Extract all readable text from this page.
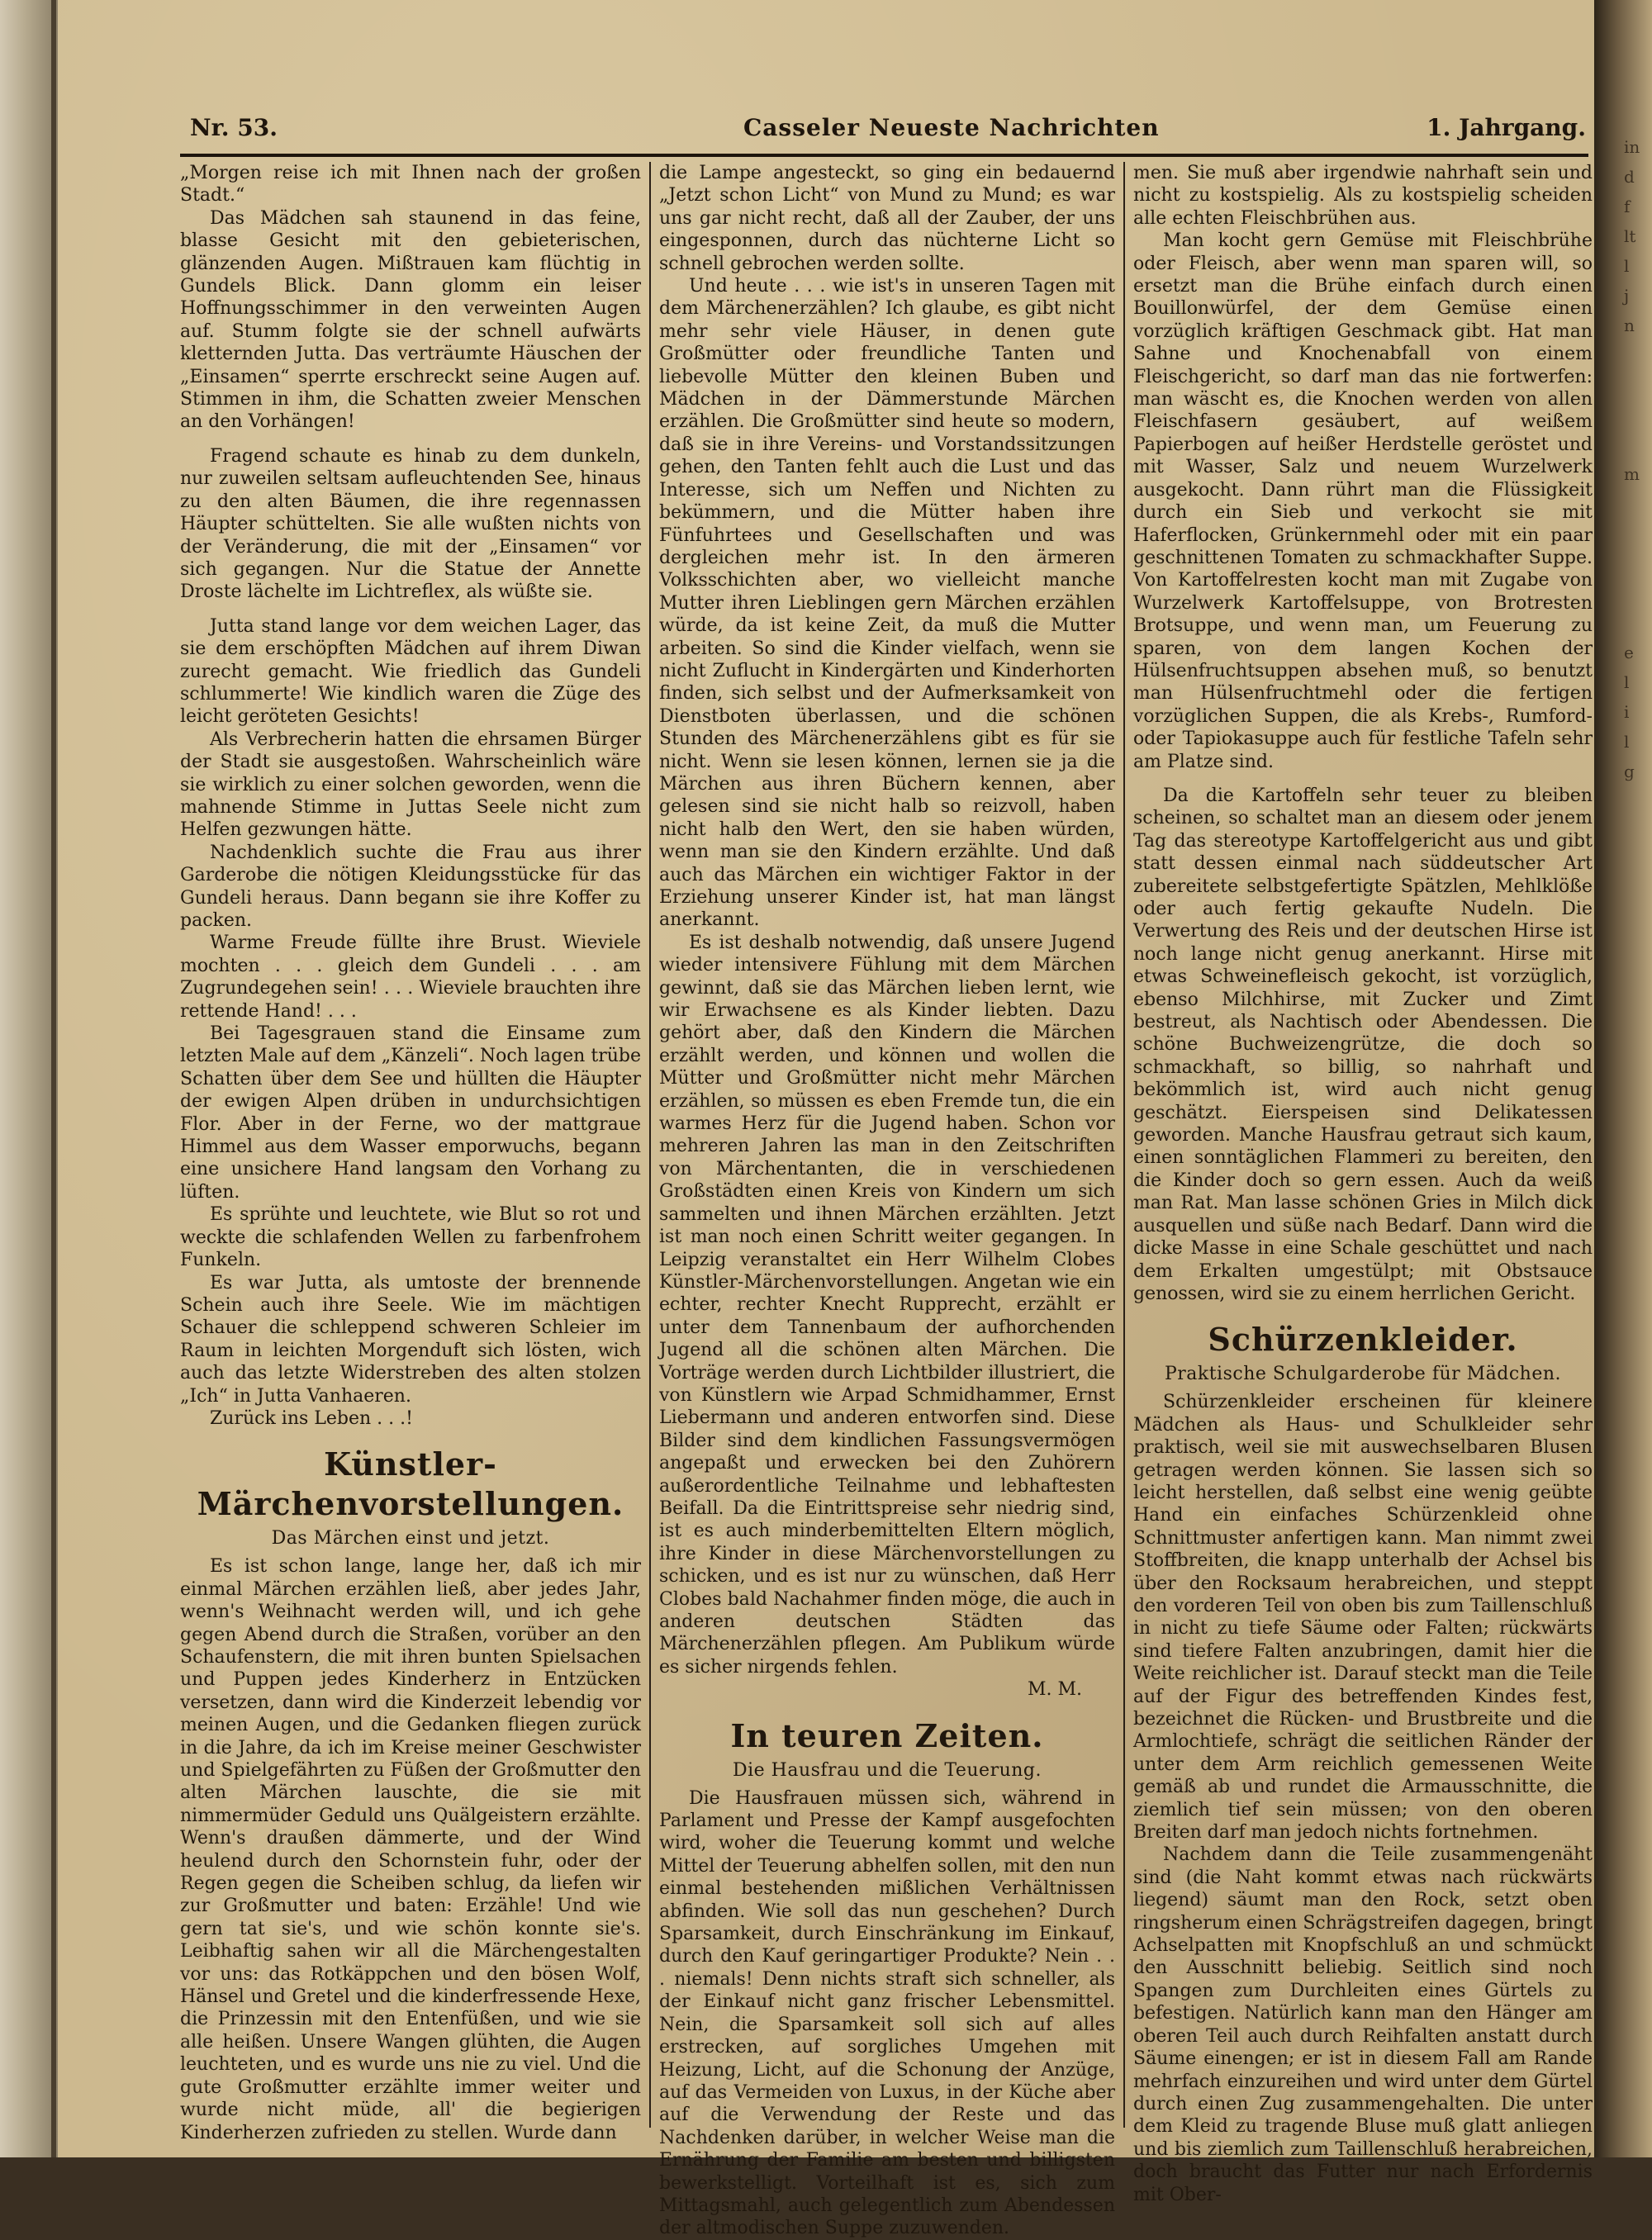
in
d
f
lt
l
j
n

m

e
l
i
l
g

Nr. 53.	Casseler Neueste Nachrichten	1. Jahrgang.

„Morgen reise ich mit Ihnen nach der großen Stadt.“

Das Mädchen sah staunend in das feine, blasse Gesicht mit den gebieterischen, glänzenden Augen. Mißtrauen kam flüchtig in Gundels Blick. Dann glomm ein leiser Hoffnungsschimmer in den verweinten Augen auf. Stumm folgte sie der schnell aufwärts kletternden Jutta. Das verträumte Häuschen der „Einsamen“ sperrte erschreckt seine Augen auf. Stimmen in ihm, die Schatten zweier Menschen an den Vorhängen!

Fragend schaute es hinab zu dem dunkeln, nur zuweilen seltsam aufleuchtenden See, hinaus zu den alten Bäumen, die ihre regennassen Häupter schüttelten. Sie alle wußten nichts von der Veränderung, die mit der „Einsamen“ vor sich gegangen. Nur die Statue der Annette Droste lächelte im Lichtreflex, als wüßte sie.

Jutta stand lange vor dem weichen Lager, das sie dem erschöpften Mädchen auf ihrem Diwan zurecht gemacht. Wie friedlich das Gundeli schlummerte! Wie kindlich waren die Züge des leicht geröteten Gesichts!

Als Verbrecherin hatten die ehrsamen Bürger der Stadt sie ausgestoßen. Wahrscheinlich wäre sie wirklich zu einer solchen geworden, wenn die mahnende Stimme in Juttas Seele nicht zum Helfen gezwungen hätte.

Nachdenklich suchte die Frau aus ihrer Garderobe die nötigen Kleidungsstücke für das Gundeli heraus. Dann begann sie ihre Koffer zu packen.

Warme Freude füllte ihre Brust. Wieviele mochten . . . gleich dem Gundeli . . . am Zugrundegehen sein! . . . Wieviele brauchten ihre rettende Hand! . . .

Bei Tagesgrauen stand die Einsame zum letzten Male auf dem „Känzeli“. Noch lagen trübe Schatten über dem See und hüllten die Häupter der ewigen Alpen drüben in undurchsichtigen Flor. Aber in der Ferne, wo der mattgraue Himmel aus dem Wasser emporwuchs, begann eine unsichere Hand langsam den Vorhang zu lüften.

Es sprühte und leuchtete, wie Blut so rot und weckte die schlafenden Wellen zu farbenfrohem Funkeln.

Es war Jutta, als umtoste der brennende Schein auch ihre Seele. Wie im mächtigen Schauer die schleppend schweren Schleier im Raum in leichten Morgenduft sich lösten, wich auch das letzte Widerstreben des alten stolzen „Ich“ in Jutta Vanhaeren.

Zurück ins Leben . . .!

Künstler-Märchenvorstellungen.
Das Märchen einst und jetzt.

Es ist schon lange, lange her, daß ich mir einmal Märchen erzählen ließ, aber jedes Jahr, wenn's Weihnacht werden will, und ich gehe gegen Abend durch die Straßen, vorüber an den Schaufenstern, die mit ihren bunten Spielsachen und Puppen jedes Kinderherz in Entzücken versetzen, dann wird die Kinderzeit lebendig vor meinen Augen, und die Gedanken fliegen zurück in die Jahre, da ich im Kreise meiner Geschwister und Spielgefährten zu Füßen der Großmutter den alten Märchen lauschte, die sie mit nimmermüder Geduld uns Quälgeistern erzählte. Wenn's draußen dämmerte, und der Wind heulend durch den Schornstein fuhr, oder der Regen gegen die Scheiben schlug, da liefen wir zur Großmutter und baten: Erzähle! Und wie gern tat sie's, und wie schön konnte sie's. Leibhaftig sahen wir all die Märchengestalten vor uns: das Rotkäppchen und den bösen Wolf, Hänsel und Gretel und die kinderfressende Hexe, die Prinzessin mit den Entenfüßen, und wie sie alle heißen. Unsere Wangen glühten, die Augen leuchteten, und es wurde uns nie zu viel. Und die gute Großmutter erzählte immer weiter und wurde nicht müde, all' die begierigen Kinderherzen zufrieden zu stellen. Wurde dann

die Lampe angesteckt, so ging ein bedauernd „Jetzt schon Licht“ von Mund zu Mund; es war uns gar nicht recht, daß all der Zauber, der uns eingesponnen, durch das nüchterne Licht so schnell gebrochen werden sollte.

Und heute . . . wie ist's in unseren Tagen mit dem Märchenerzählen? Ich glaube, es gibt nicht mehr sehr viele Häuser, in denen gute Großmütter oder freundliche Tanten und liebevolle Mütter den kleinen Buben und Mädchen in der Dämmerstunde Märchen erzählen. Die Großmütter sind heute so modern, daß sie in ihre Vereins- und Vorstandssitzungen gehen, den Tanten fehlt auch die Lust und das Interesse, sich um Neffen und Nichten zu bekümmern, und die Mütter haben ihre Fünfuhrtees und Gesellschaften und was dergleichen mehr ist. In den ärmeren Volksschichten aber, wo vielleicht manche Mutter ihren Lieblingen gern Märchen erzählen würde, da ist keine Zeit, da muß die Mutter arbeiten. So sind die Kinder vielfach, wenn sie nicht Zuflucht in Kindergärten und Kinderhorten finden, sich selbst und der Aufmerksamkeit von Dienstboten überlassen, und die schönen Stunden des Märchenerzählens gibt es für sie nicht. Wenn sie lesen können, lernen sie ja die Märchen aus ihren Büchern kennen, aber gelesen sind sie nicht halb so reizvoll, haben nicht halb den Wert, den sie haben würden, wenn man sie den Kindern erzählte. Und daß auch das Märchen ein wichtiger Faktor in der Erziehung unserer Kinder ist, hat man längst anerkannt.

Es ist deshalb notwendig, daß unsere Jugend wieder intensivere Fühlung mit dem Märchen gewinnt, daß sie das Märchen lieben lernt, wie wir Erwachsene es als Kinder liebten. Dazu gehört aber, daß den Kindern die Märchen erzählt werden, und können und wollen die Mütter und Großmütter nicht mehr Märchen erzählen, so müssen es eben Fremde tun, die ein warmes Herz für die Jugend haben. Schon vor mehreren Jahren las man in den Zeitschriften von Märchentanten, die in verschiedenen Großstädten einen Kreis von Kindern um sich sammelten und ihnen Märchen erzählten. Jetzt ist man noch einen Schritt weiter gegangen. In Leipzig veranstaltet ein Herr Wilhelm Clobes Künstler-Märchenvorstellungen. Angetan wie ein echter, rechter Knecht Rupprecht, erzählt er unter dem Tannenbaum der aufhorchenden Jugend all die schönen alten Märchen. Die Vorträge werden durch Lichtbilder illustriert, die von Künstlern wie Arpad Schmidhammer, Ernst Liebermann und anderen entworfen sind. Diese Bilder sind dem kindlichen Fassungsvermögen angepaßt und erwecken bei den Zuhörern außerordentliche Teilnahme und lebhaftesten Beifall. Da die Eintrittspreise sehr niedrig sind, ist es auch minderbemittelten Eltern möglich, ihre Kinder in diese Märchenvorstellungen zu schicken, und es ist nur zu wünschen, daß Herr Clobes bald Nachahmer finden möge, die auch in anderen deutschen Städten das Märchenerzählen pflegen. Am Publikum würde es sicher nirgends fehlen.

M. M.

In teuren Zeiten.
Die Hausfrau und die Teuerung.

Die Hausfrauen müssen sich, während in Parlament und Presse der Kampf ausgefochten wird, woher die Teuerung kommt und welche Mittel der Teuerung abhelfen sollen, mit den nun einmal bestehenden mißlichen Verhältnissen abfinden. Wie soll das nun geschehen? Durch Sparsamkeit, durch Einschränkung im Einkauf, durch den Kauf geringartiger Produkte? Nein . . . niemals! Denn nichts straft sich schneller, als der Einkauf nicht ganz frischer Lebensmittel. Nein, die Sparsamkeit soll sich auf alles erstrecken, auf sorgliches Umgehen mit Heizung, Licht, auf die Schonung der Anzüge, auf das Vermeiden von Luxus, in der Küche aber auf die Verwendung der Reste und das Nachdenken darüber, in welcher Weise man die Ernährung der Familie am besten und billigsten bewerkstelligt. Vorteilhaft ist es, sich zum Mittagsmahl, auch gelegentlich zum Abendessen der altmodischen Suppe zuzuwenden.

men. Sie muß aber irgendwie nahrhaft sein und nicht zu kostspielig. Als zu kostspielig scheiden alle echten Fleischbrühen aus.

Man kocht gern Gemüse mit Fleischbrühe oder Fleisch, aber wenn man sparen will, so ersetzt man die Brühe einfach durch einen Bouillonwürfel, der dem Gemüse einen vorzüglich kräftigen Geschmack gibt. Hat man Sahne und Knochenabfall von einem Fleischgericht, so darf man das nie fortwerfen: man wäscht es, die Knochen werden von allen Fleischfasern gesäubert, auf weißem Papierbogen auf heißer Herdstelle geröstet und mit Wasser, Salz und neuem Wurzelwerk ausgekocht. Dann rührt man die Flüssigkeit durch ein Sieb und verkocht sie mit Haferflocken, Grünkernmehl oder mit ein paar geschnittenen Tomaten zu schmackhafter Suppe. Von Kartoffelresten kocht man mit Zugabe von Wurzelwerk Kartoffelsuppe, von Brotresten Brotsuppe, und wenn man, um Feuerung zu sparen, von dem langen Kochen der Hülsenfruchtsuppen absehen muß, so benutzt man Hülsenfruchtmehl oder die fertigen vorzüglichen Suppen, die als Krebs-, Rumford- oder Tapiokasuppe auch für festliche Tafeln sehr am Platze sind.

Da die Kartoffeln sehr teuer zu bleiben scheinen, so schaltet man an diesem oder jenem Tag das stereotype Kartoffelgericht aus und gibt statt dessen einmal nach süddeutscher Art zubereitete selbstgefertigte Spätzlen, Mehlklöße oder auch fertig gekaufte Nudeln. Die Verwertung des Reis und der deutschen Hirse ist noch lange nicht genug anerkannt. Hirse mit etwas Schweinefleisch gekocht, ist vorzüglich, ebenso Milchhirse, mit Zucker und Zimt bestreut, als Nachtisch oder Abendessen. Die schöne Buchweizengrütze, die doch so schmackhaft, so billig, so nahrhaft und bekömmlich ist, wird auch nicht genug geschätzt. Eierspeisen sind Delikatessen geworden. Manche Hausfrau getraut sich kaum, einen sonntäglichen Flammeri zu bereiten, den die Kinder doch so gern essen. Auch da weiß man Rat. Man lasse schönen Gries in Milch dick ausquellen und süße nach Bedarf. Dann wird die dicke Masse in eine Schale geschüttet und nach dem Erkalten umgestülpt; mit Obstsauce genossen, wird sie zu einem herrlichen Gericht.

Schürzenkleider.
Praktische Schulgarderobe für Mädchen.

Schürzenkleider erscheinen für kleinere Mädchen als Haus- und Schulkleider sehr praktisch, weil sie mit auswechselbaren Blusen getragen werden können. Sie lassen sich so leicht herstellen, daß selbst eine wenig geübte Hand ein einfaches Schürzenkleid ohne Schnittmuster anfertigen kann. Man nimmt zwei Stoffbreiten, die knapp unterhalb der Achsel bis über den Rocksaum herabreichen, und steppt den vorderen Teil von oben bis zum Taillenschluß in nicht zu tiefe Säume oder Falten; rückwärts sind tiefere Falten anzubringen, damit hier die Weite reichlicher ist. Darauf steckt man die Teile auf der Figur des betreffenden Kindes fest, bezeichnet die Rücken- und Brustbreite und die Armlochtiefe, schrägt die seitlichen Ränder der unter dem Arm reichlich gemessenen Weite gemäß ab und rundet die Armausschnitte, die ziemlich tief sein müssen; von den oberen Breiten darf man jedoch nichts fortnehmen.

Nachdem dann die Teile zusammengenäht sind (die Naht kommt etwas nach rückwärts liegend) säumt man den Rock, setzt oben ringsherum einen Schrägstreifen dagegen, bringt Achselpatten mit Knopfschluß an und schmückt den Ausschnitt beliebig. Seitlich sind noch Spangen zum Durchleiten eines Gürtels zu befestigen. Natürlich kann man den Hänger am oberen Teil auch durch Reihfalten anstatt durch Säume einengen; er ist in diesem Fall am Rande mehrfach einzureihen und wird unter dem Gürtel durch einen Zug zusammengehalten. Die unter dem Kleid zu tragende Bluse muß glatt anliegen und bis ziemlich zum Taillenschluß herabreichen, doch braucht das Futter nur nach Erfordernis mit Ober-
